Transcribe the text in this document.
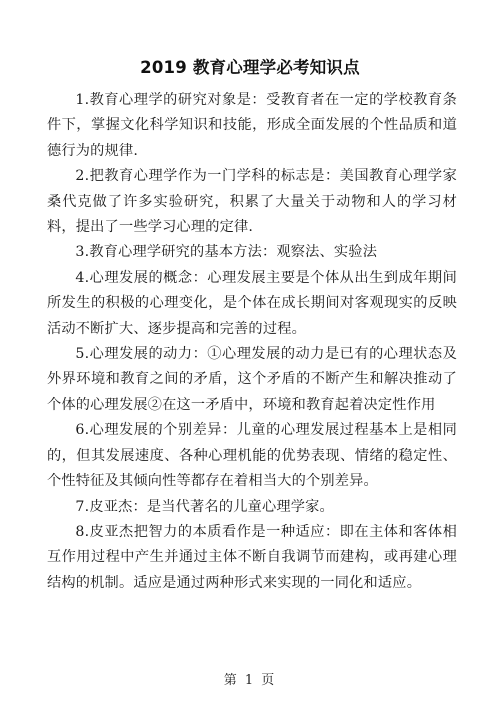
2019 教育心理学必考知识点

1.教育心理学的研究对象是：受教育者在一定的学校教育条件下，掌握文化科学知识和技能，形成全面发展的个性品质和道德行为的规律.

2.把教育心理学作为一门学科的标志是：美国教育心理学家桑代克做了许多实验研究，积累了大量关于动物和人的学习材料，提出了一些学习心理的定律.

3.教育心理学研究的基本方法：观察法、实验法

4.心理发展的概念：心理发展主要是个体从出生到成年期间所发生的积极的心理变化，是个体在成长期间对客观现实的反映活动不断扩大、逐步提高和完善的过程。

5.心理发展的动力：①心理发展的动力是已有的心理状态及外界环境和教育之间的矛盾，这个矛盾的不断产生和解决推动了个体的心理发展②在这一矛盾中，环境和教育起着决定性作用

6.心理发展的个别差异：儿童的心理发展过程基本上是相同的，但其发展速度、各种心理机能的优势表现、情绪的稳定性、个性特征及其倾向性等都存在着相当大的个别差异。

7.皮亚杰：是当代著名的儿童心理学家。

8.皮亚杰把智力的本质看作是一种适应：即在主体和客体相互作用过程中产生并通过主体不断自我调节而建构，或再建心理结构的机制。适应是通过两种形式来实现的一同化和适应。

第 1 页
